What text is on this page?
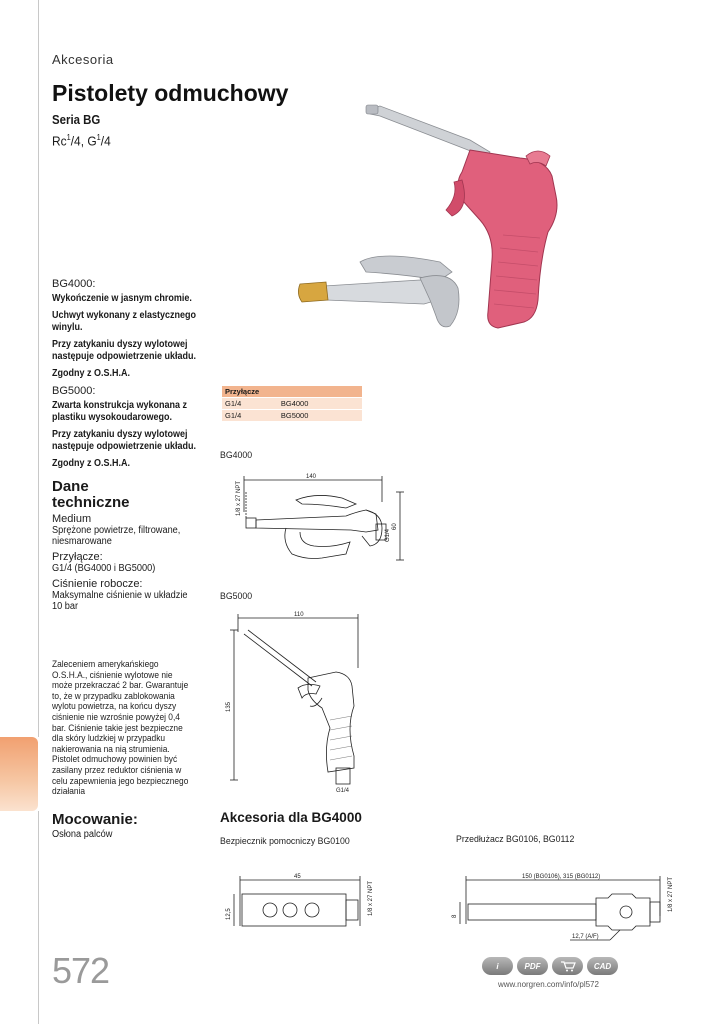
Akcesoria
Pistolety odmuchowy
Seria BG
Rc$^1$/4, $G^1/4$
BG4000:
Wykończenie w jasnym chromie.
Uchwyt wykonany z elastycznego winylu.
Przy zatykaniu dyszy wylotowej następuje odpowietrzenie układu.
Zgodny z O.S.H.A.
BG5000:
Zwarta konstrukcja wykonana z plastiku wysokoudarowego.
Przy zatykaniu dyszy wylotowej następuje odpowietrzenie układu.
Zgodny z O.S.H.A.
Dane
techniczne
Medium
Sprężone powietrze, filtrowane, niesmarowane
Przyłącze:
G1/4 (BG4000 i BG5000)
Ciśnienie robocze:
Maksymalne ciśnienie w układzie 10 bar
Zaleceniem amerykańskiego O.S.H.A., ciśnienie wylotowe nie może przekraczać 2 bar. Gwarantuje to, że w przypadku zablokowania wylotu powietrza, na końcu dyszy ciśnienie nie wzrośnie powyżej 0,4 bar. Ciśnienie takie jest bezpieczne dla skóry ludzkiej w przypadku nakierowania na nią strumienia. Pistolet odmuchowy powinien być zasilany przez reduktor ciśnienia w celu zapewnienia jego bezpiecznego działania
Mocowanie:
Osłona palców
Przyłącze	
G1/4	BG4000
G1/4	BG5000
BG4000
140
60
G1/4
1/8 x 27 NPT
BG5000
110
135
G1/4
Akcesoria dla BG4000
Bezpiecznik pomocniczy BG0100	Przedłużacz BG0106, BG0112
45
12,5	1/8 x 27 NPT
150 (BG0106), 315 (BG0112)
8
12,7 (A/F)
1/8 x 27 NPT
572	i	PDF	CAD
www.norgren.com/info/pl572
